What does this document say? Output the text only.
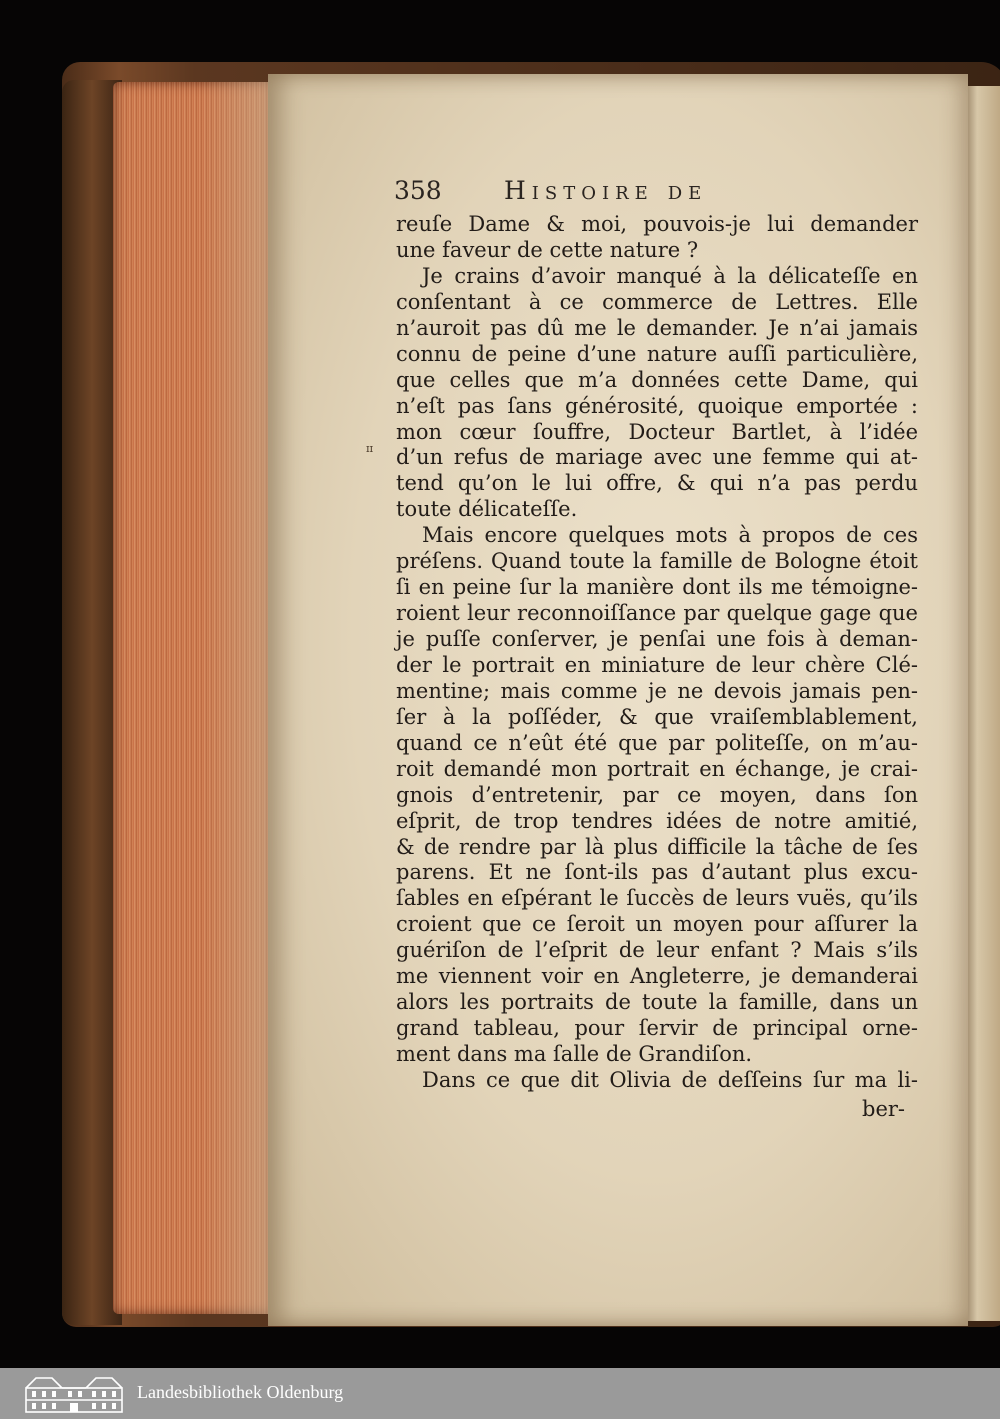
358 Histoire de
ɪɪ
reuſe Dame & moi, pouvois-je lui demander
une faveur de cette nature ?
Je crains d’avoir manqué à la délicateſſe en
conſentant à ce commerce de Lettres. Elle
n’auroit pas dû me le demander. Je n’ai jamais
connu de peine d’une nature auſſi particulière,
que celles que m’a données cette Dame, qui
n’eſt pas ſans générosité, quoique emportée :
mon cœur ſouffre, Docteur Bartlet, à l’idée
d’un refus de mariage avec une femme qui at-
tend qu’on le lui offre, & qui n’a pas perdu
toute délicateſſe.
Mais encore quelques mots à propos de ces
préſens. Quand toute la famille de Bologne étoit
ſi en peine ſur la manière dont ils me témoigne-
roient leur reconnoiſſance par quelque gage que
je puſſe conſerver, je penſai une fois à deman-
der le portrait en miniature de leur chère Clé-
mentine; mais comme je ne devois jamais pen-
ſer à la poſſéder, & que vraiſemblablement,
quand ce n’eût été que par politeſſe, on m’au-
roit demandé mon portrait en échange, je crai-
gnois d’entretenir, par ce moyen, dans ſon
eſprit, de trop tendres idées de notre amitié,
& de rendre par là plus difficile la tâche de ſes
parens. Et ne ſont-ils pas d’autant plus excu-
ſables en eſpérant le ſuccès de leurs vuës, qu’ils
croient que ce ſeroit un moyen pour aſſurer la
guériſon de l’eſprit de leur enfant ? Mais s’ils
me viennent voir en Angleterre, je demanderai
alors les portraits de toute la famille, dans un
grand tableau, pour ſervir de principal orne-
ment dans ma ſalle de Grandiſon.
Dans ce que dit Olivia de deſſeins ſur ma li-
ber-
Landesbibliothek Oldenburg
